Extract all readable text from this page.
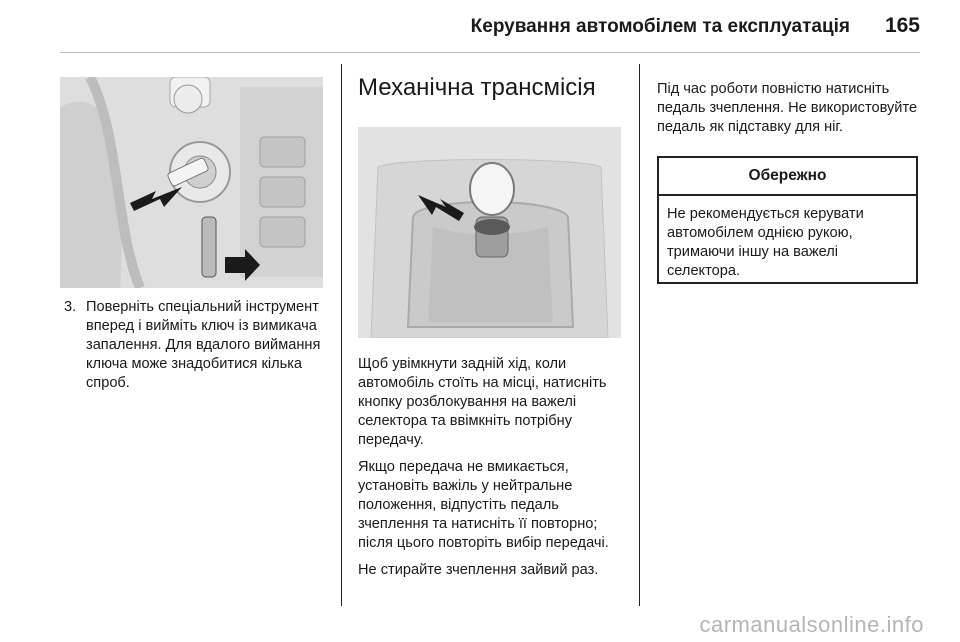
Керування автомобілем та експлуатація 165
3. Поверніть спеціальний інструмент вперед і вийміть ключ із вимикача запалення. Для вдалого виймання ключа може знадобитися кілька спроб.
Механічна трансмісія

Щоб увімкнути задній хід, коли автомобіль стоїть на місці, натисніть кнопку розблокування на важелі селектора та ввімкніть потрібну передачу.

Якщо передача не вмикається, установіть важіль у нейтральне положення, відпустіть педаль зчеплення та натисніть її повторно; після цього повторіть вибір передачі.

Не стирайте зчеплення зайвий раз.

Під час роботи повністю натисніть педаль зчеплення. Не використовуйте педаль як підставку для ніг.

Обережно
Не рекомендується керувати автомобілем однією рукою, тримаючи іншу на важелі селектора.
carmanualsonline.info
